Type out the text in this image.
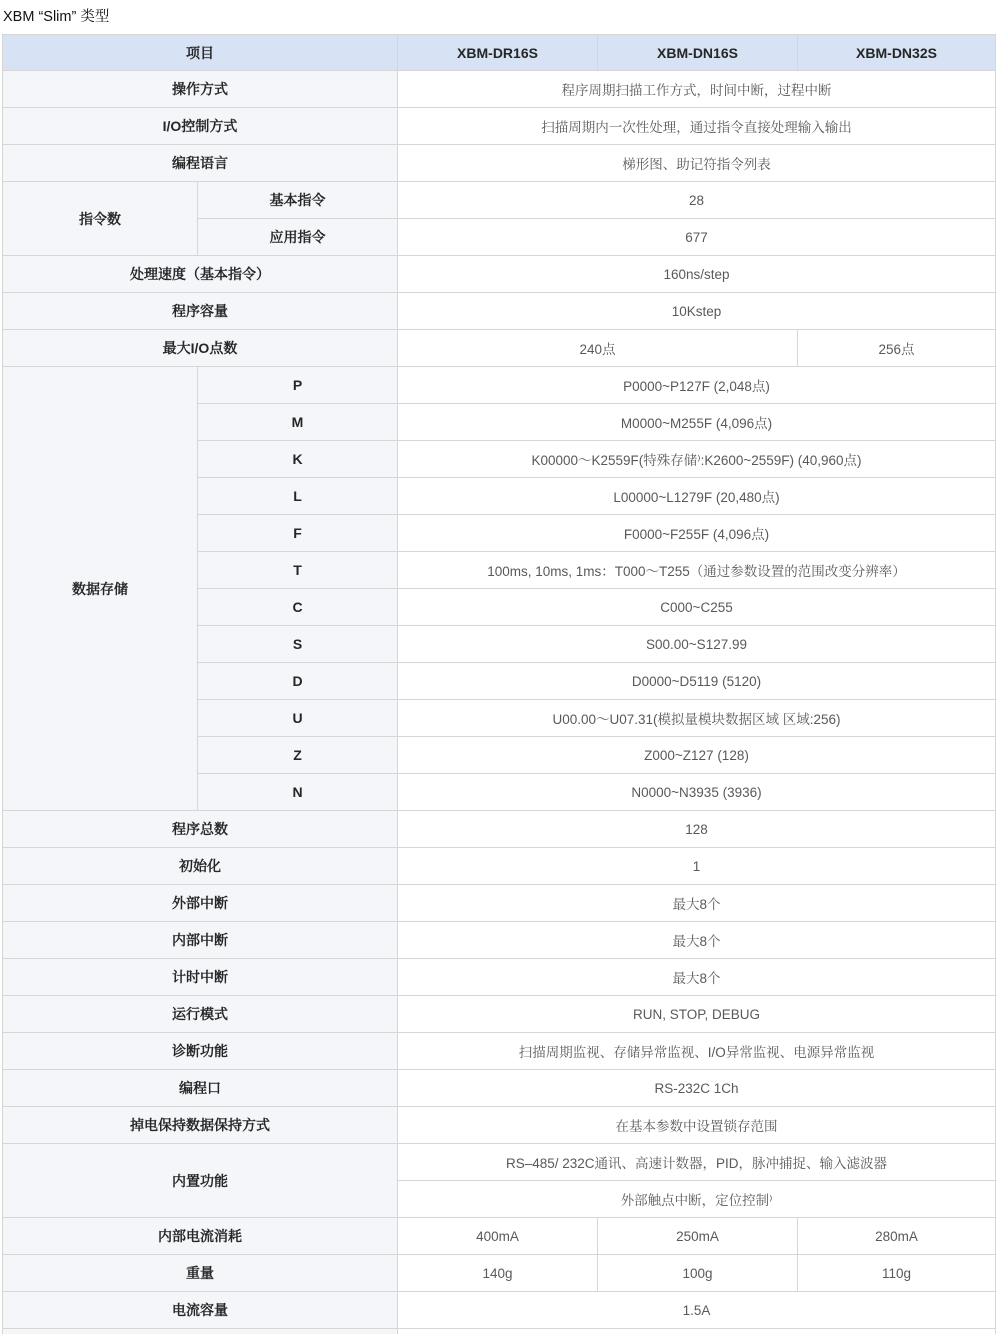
XBM “Slim” 类型
项目		XBM-DR16S	XBM-DN16S	XBM-DN32S
操作方式		程序周期扫描工作方式，时间中断，过程中断		
I/O控制方式		扫描周期内一次性处理，通过指令直接处理输入输出		
编程语言		梯形图、助记符指令列表		
指令数	基本指令	28		
	应用指令	677		
处理速度（基本指令）		160ns/step		
程序容量		10Kstep		
最大I/O点数		240点		256点
数据存储	P	P0000~P127F (2,048点)		
	M	M0000~M255F (4,096点)		
	K	K00000～K2559F(特殊存储⁾:K2600~2559F) (40,960点)		
	L	L00000~L1279F (20,480点)		
	F	F0000~F255F (4,096点)		
	T	100ms, 10ms, 1ms：T000～T255（通过参数设置的范围改变分辨率）		
	C	C000~C255		
	S	S00.00~S127.99		
	D	D0000~D5119 (5120)		
	U	U00.00～U07.31(模拟量模块数据区域 区域:256)		
	Z	Z000~Z127 (128)		
	N	N0000~N3935 (3936)		
程序总数		128		
初始化		1		
外部中断		最大8个		
内部中断		最大8个		
计时中断		最大8个		
运行模式		RUN, STOP, DEBUG		
诊断功能		扫描周期监视、存储异常监视、I/O异常监视、电源异常监视		
编程口		RS-232C 1Ch		
掉电保持数据保持方式		在基本参数中设置锁存范围		
内置功能		RS–485/ 232C通讯、高速计数器，PID，脉冲捕捉、输入滤波器		
		外部触点中断，定位控制⁾		
内部电流消耗		400mA	250mA	280mA
重量		140g	100g	110g
电流容量		1.5A		
